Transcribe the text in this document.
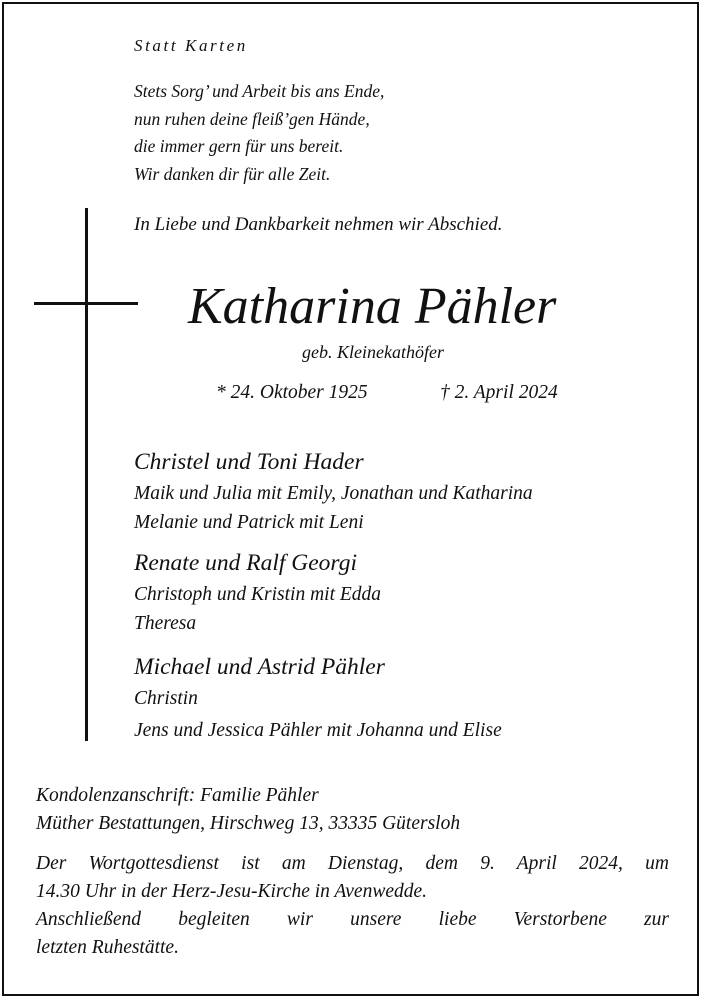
Statt Karten
Stets Sorg’ und Arbeit bis ans Ende,
nun ruhen deine fleiß’gen Hände,
die immer gern für uns bereit.
Wir danken dir für alle Zeit.
In Liebe und Dankbarkeit nehmen wir Abschied.
Katharina Pähler
geb. Kleinekathöfer
* 24. Oktober 1925	† 2. April 2024
Christel und Toni Hader
Maik und Julia mit Emily, Jonathan und Katharina
Melanie und Patrick mit Leni
Renate und Ralf Georgi
Christoph und Kristin mit Edda
Theresa
Michael und Astrid Pähler
Christin
Jens und Jessica Pähler mit Johanna und Elise
Kondolenzanschrift: Familie Pähler
Müther Bestattungen, Hirschweg 13, 33335 Gütersloh
Der Wortgottesdienst ist am Dienstag, dem 9. April 2024, um
14.30 Uhr in der Herz-Jesu-Kirche in Avenwedde.
Anschließend begleiten wir unsere liebe Verstorbene zur
letzten Ruhestätte.
